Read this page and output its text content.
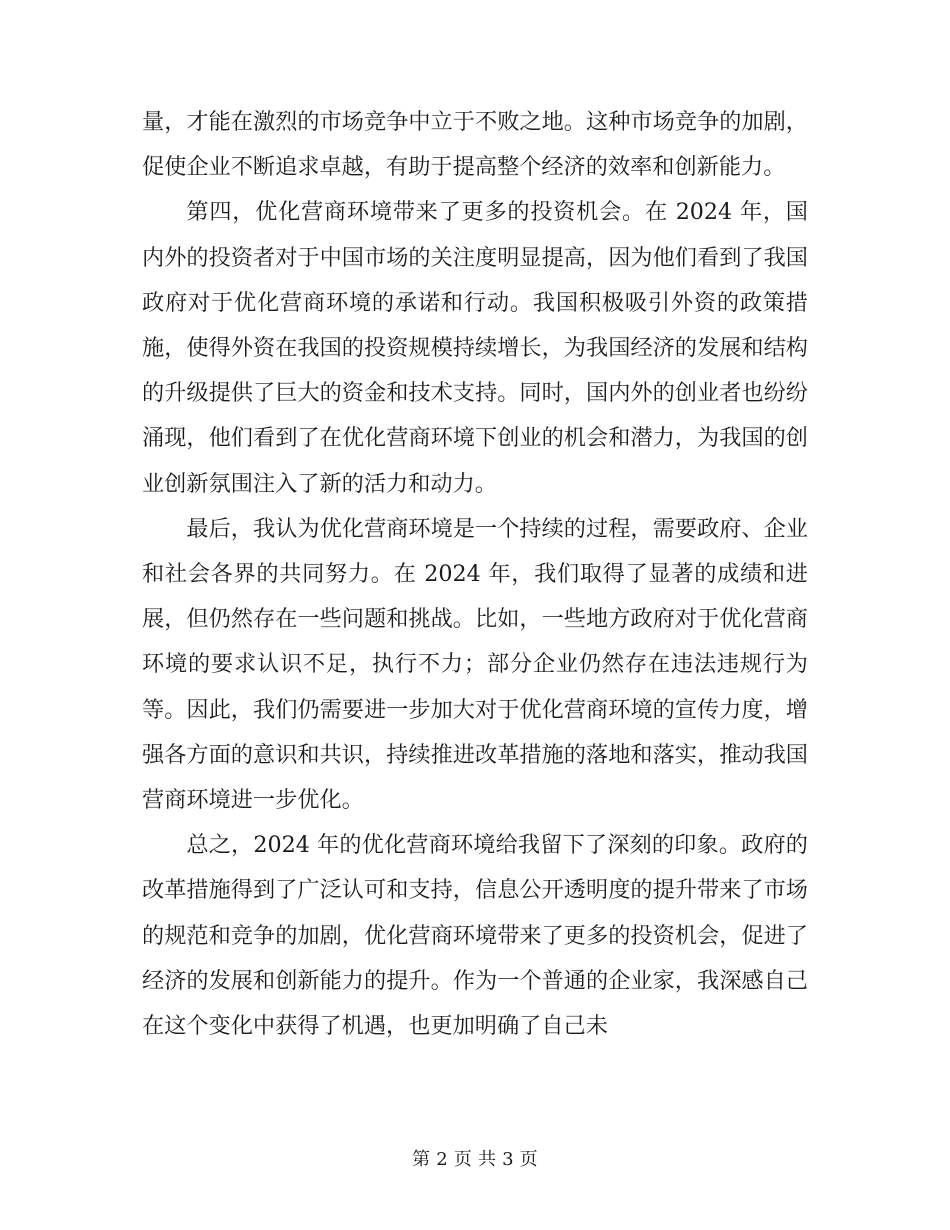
量，才能在激烈的市场竞争中立于不败之地。这种市场竞争的加剧，促使企业不断追求卓越，有助于提高整个经济的效率和创新能力。

第四，优化营商环境带来了更多的投资机会。在 2024 年，国内外的投资者对于中国市场的关注度明显提高，因为他们看到了我国政府对于优化营商环境的承诺和行动。我国积极吸引外资的政策措施，使得外资在我国的投资规模持续增长，为我国经济的发展和结构的升级提供了巨大的资金和技术支持。同时，国内外的创业者也纷纷涌现，他们看到了在优化营商环境下创业的机会和潜力，为我国的创业创新氛围注入了新的活力和动力。

最后，我认为优化营商环境是一个持续的过程，需要政府、企业和社会各界的共同努力。在 2024 年，我们取得了显著的成绩和进展，但仍然存在一些问题和挑战。比如，一些地方政府对于优化营商环境的要求认识不足，执行不力；部分企业仍然存在违法违规行为等。因此，我们仍需要进一步加大对于优化营商环境的宣传力度，增强各方面的意识和共识，持续推进改革措施的落地和落实，推动我国营商环境进一步优化。

总之，2024 年的优化营商环境给我留下了深刻的印象。政府的改革措施得到了广泛认可和支持，信息公开透明度的提升带来了市场的规范和竞争的加剧，优化营商环境带来了更多的投资机会，促进了经济的发展和创新能力的提升。作为一个普通的企业家，我深感自己在这个变化中获得了机遇，也更加明确了自己未

第 2 页 共 3 页
